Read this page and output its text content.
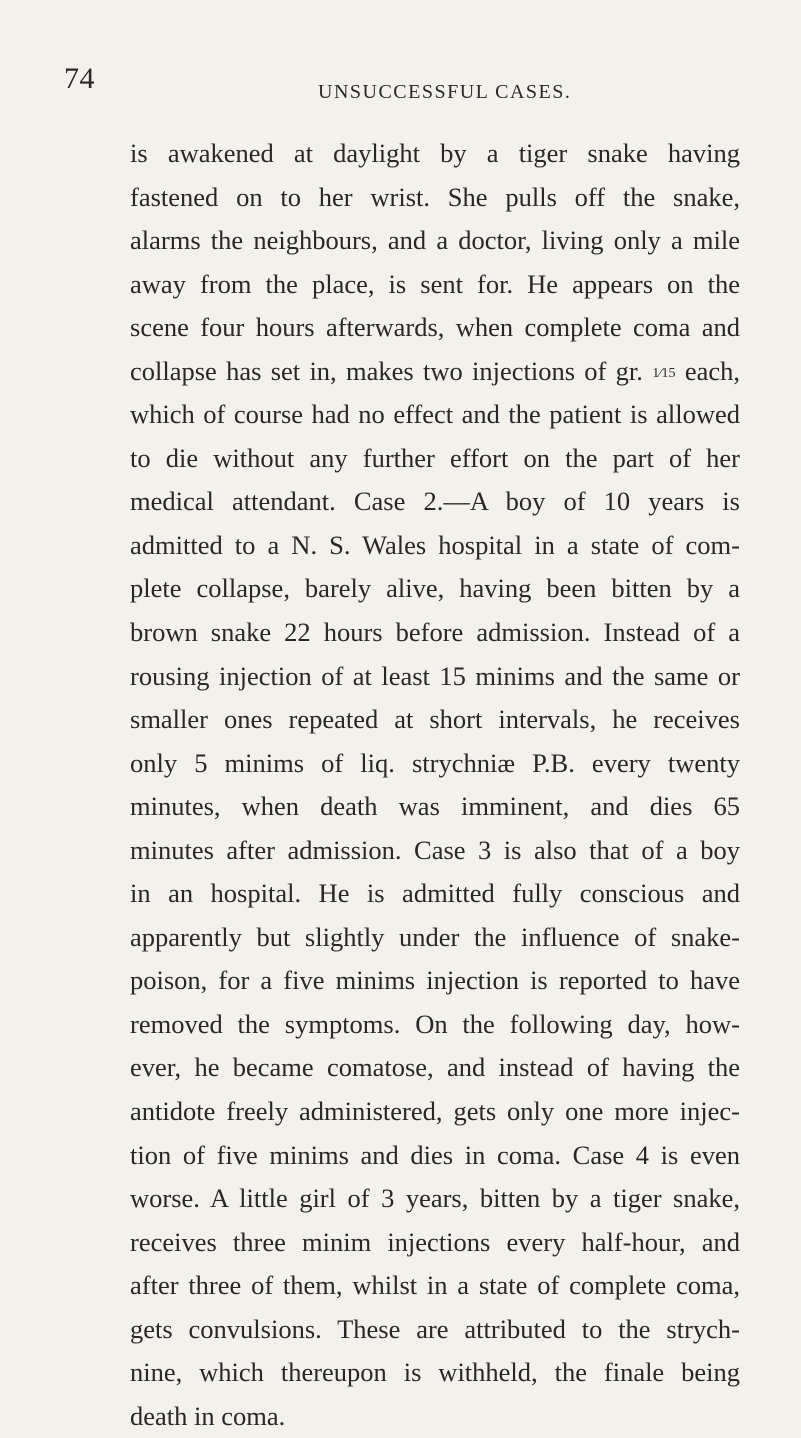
74	UNSUCCESSFUL CASES.
is awakened at daylight by a tiger snake having
fastened on to her wrist. She pulls off the snake,
alarms the neighbours, and a doctor, living only a mile
away from the place, is sent for. He appears on the
scene four hours afterwards, when complete coma and
collapse has set in, makes two injections of gr. 1⁄15 each,
which of course had no effect and the patient is allowed
to die without any further effort on the part of her
medical attendant. Case 2.—A boy of 10 years is
admitted to a N. S. Wales hospital in a state of com-
plete collapse, barely alive, having been bitten by a
brown snake 22 hours before admission. Instead of a
rousing injection of at least 15 minims and the same or
smaller ones repeated at short intervals, he receives
only 5 minims of liq. strychniæ P.B. every twenty
minutes, when death was imminent, and dies 65
minutes after admission. Case 3 is also that of a boy
in an hospital. He is admitted fully conscious and
apparently but slightly under the influence of snake-
poison, for a five minims injection is reported to have
removed the symptoms. On the following day, how-
ever, he became comatose, and instead of having the
antidote freely administered, gets only one more injec-
tion of five minims and dies in coma. Case 4 is even
worse. A little girl of 3 years, bitten by a tiger snake,
receives three minim injections every half-hour, and
after three of them, whilst in a state of complete coma,
gets convulsions. These are attributed to the strych-
nine, which thereupon is withheld, the finale being
death in coma.
